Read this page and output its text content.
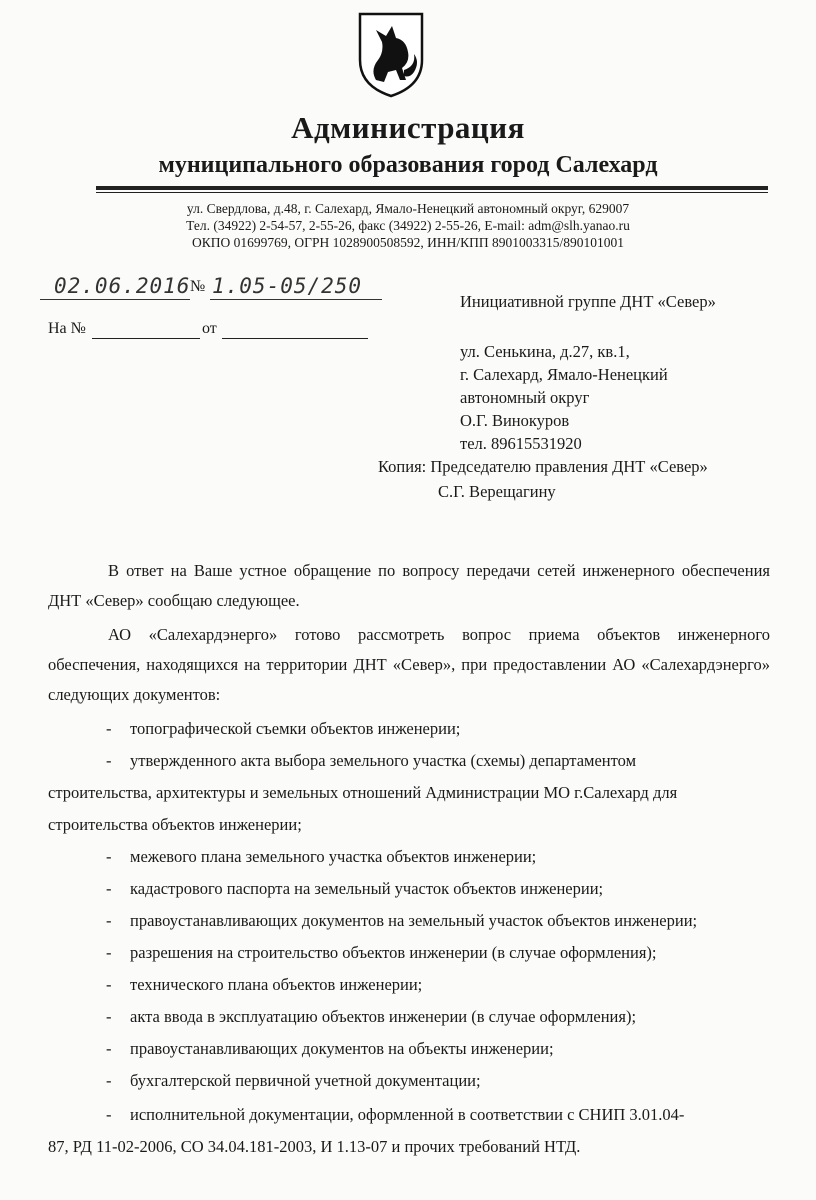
Администрация
муниципального образования город Салехард
ул. Свердлова, д.48, г. Салехард, Ямало-Ненецкий автономный округ, 629007
Тел. (34922) 2-54-57, 2-55-26, факс (34922) 2-55-26, E-mail: adm@slh.yanao.ru
ОКПО 01699769, ОГРН 1028900508592, ИНН/КПП 8901003315/890101001
02.06.2016 № 1.05-05/250
На №	от
Инициативной группе ДНТ «Север»
ул. Сенькина, д.27, кв.1,
г. Салехард, Ямало-Ненецкий
автономный округ
О.Г. Винокуров
тел. 89615531920
Копия: Председателю правления ДНТ «Север»
С.Г. Верещагину

В ответ на Ваше устное обращение по вопросу передачи сетей инженерного обеспечения ДНТ «Север» сообщаю следующее.

АО «Салехардэнерго» готово рассмотреть вопрос приема объектов инженерного обеспечения, находящихся на территории ДНТ «Север», при предоставлении АО «Салехардэнерго» следующих документов:

- топографической съемки объектов инженерии;
- утвержденного акта выбора земельного участка (схемы) департаментом
строительства, архитектуры и земельных отношений Администрации МО г.Салехард для
строительства объектов инженерии;
- межевого плана земельного участка объектов инженерии;
- кадастрового паспорта на земельный участок объектов инженерии;
- правоустанавливающих документов на земельный участок объектов инженерии;
- разрешения на строительство объектов инженерии (в случае оформления);
- технического плана объектов инженерии;
- акта ввода в эксплуатацию объектов инженерии (в случае оформления);
- правоустанавливающих документов на объекты инженерии;
- бухгалтерской первичной учетной документации;
- исполнительной документации, оформленной в соответствии с СНИП 3.01.04-
87, РД 11-02-2006, СО 34.04.181-2003, И 1.13-07 и прочих требований НТД.
